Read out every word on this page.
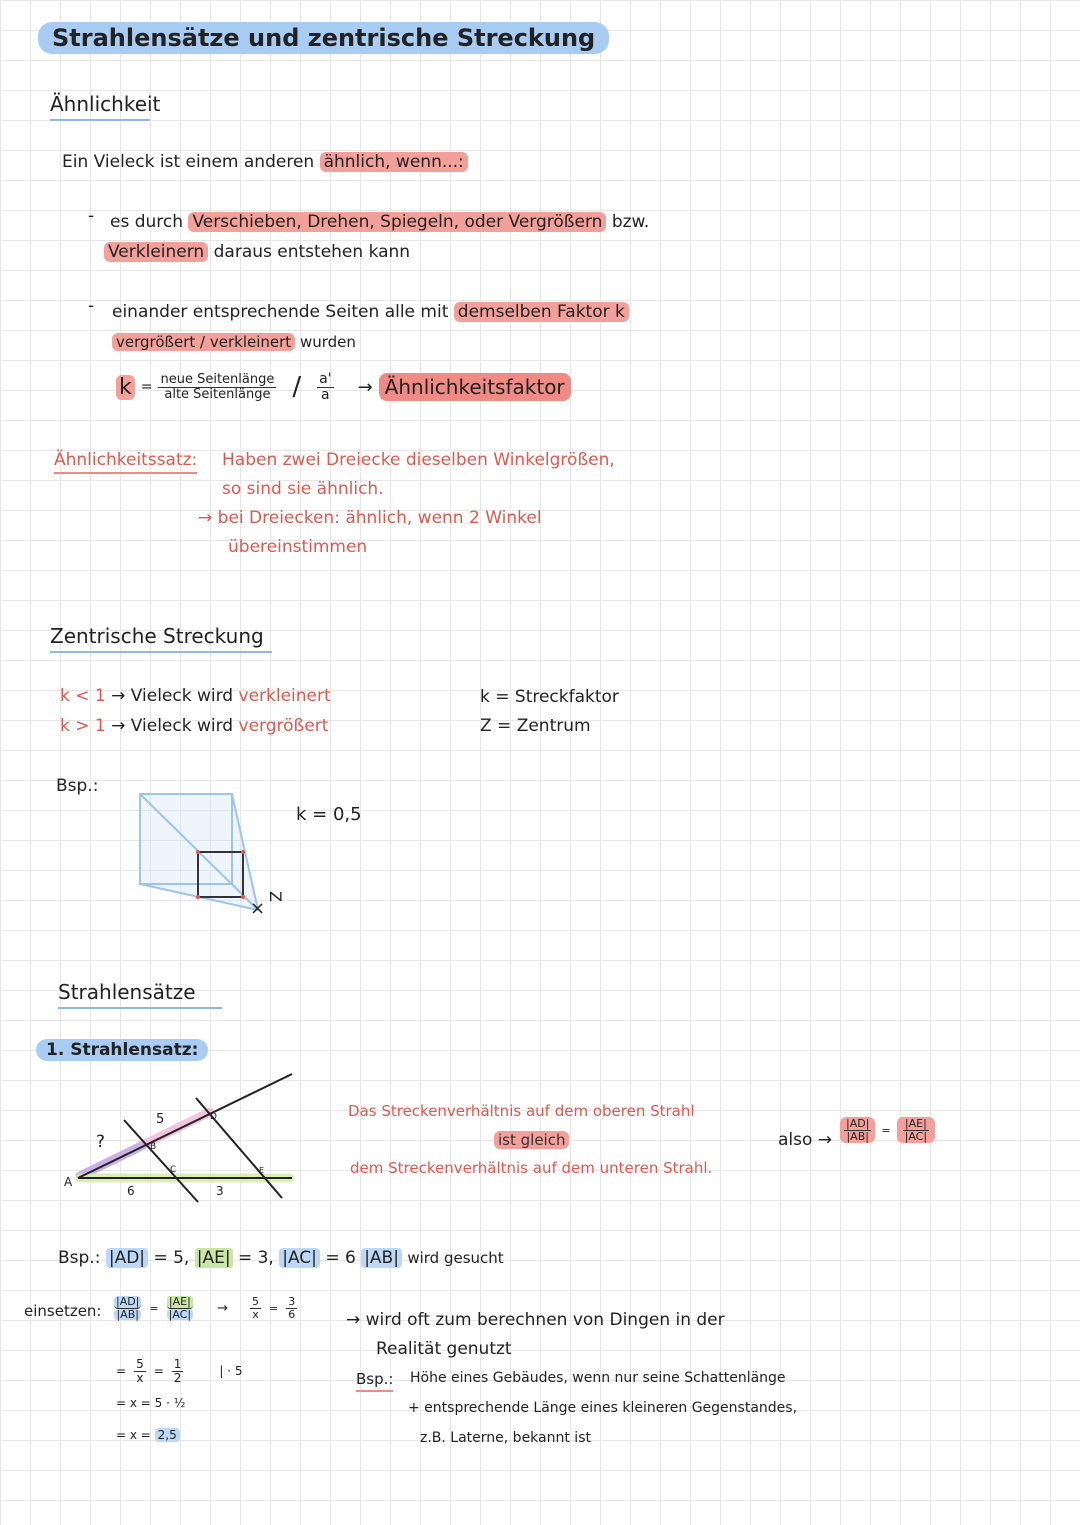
Strahlensätze und zentrische Streckung
Ähnlichkeit
Ein Vieleck ist einem anderen ähnlich, wenn...:
- es durch Verschieben, Drehen, Spiegeln, oder Vergrößern bzw.
Verkleinern daraus entstehen kann
- einander entsprechende Seiten alle mit demselben Faktor k
vergrößert / verkleinert wurden
$k = \frac{\text{neue Seitenlänge}}{\text{alte Seitenlänge}} / \frac{a'}{a}$ → Ähnlichkeitsfaktor
Ähnlichkeitssatz: Haben zwei Dreiecke dieselben Winkelgrößen,
so sind sie ähnlich.
→ bei Dreiecken: ähnlich, wenn 2 Winkel
übereinstimmen
Zentrische Streckung
k < 1 → Vieleck wird verkleinert
k > 1 → Vieleck wird vergrößert
k = Streckfaktor
Z = Zentrum
Bsp.:
k = 0,5
×
Z
Strahlensätze
1. Strahlensatz:
A
B
C
D
E
?
5
6	3
Das Streckenverhältnis auf dem oberen Strahl
ist gleich
dem Streckenverhältnis auf dem unteren Strahl.
also → $\frac{|AD|}{|AB|} = \frac{|AE|}{|AC|}$
Bsp.: |AD| = 5, |AE| = 3, |AC| = 6 |AB| wird gesucht
einsetzen: $\frac{|AD|}{|AB|} = \frac{|AE|}{|AC|} \to \frac{5}{x} = \frac{3}{6}$
= $\frac{5}{x} = \frac{1}{2}$	| · 5
= x = 5 · ½
= x = 2,5
→ wird oft zum berechnen von Dingen in der
Realität genutzt
Bsp.: Höhe eines Gebäudes, wenn nur seine Schattenlänge
+ entsprechende Länge eines kleineren Gegenstandes,
z.B. Laterne, bekannt ist
